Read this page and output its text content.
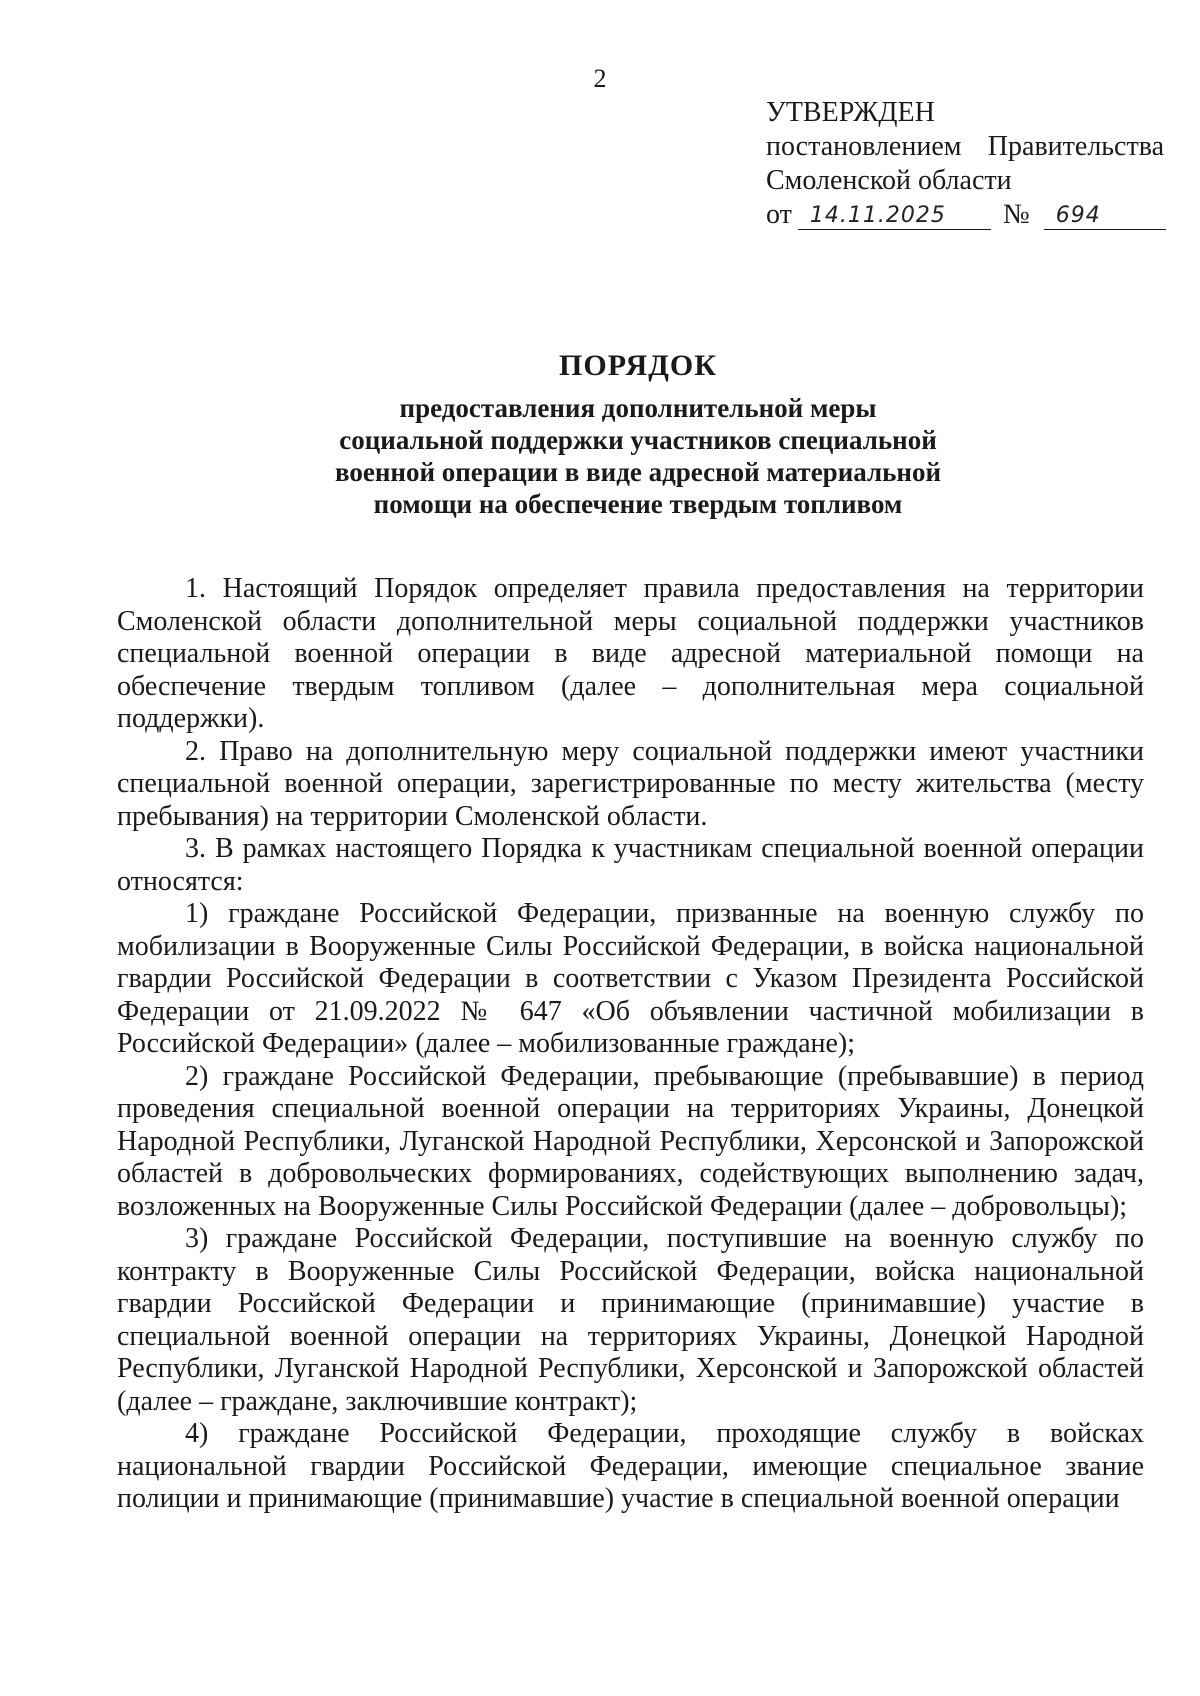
2
УТВЕРЖДЕН
постановлением Правительства
Смоленской области
от 14.11.2025	№	694
ПОРЯДОК
предоставления дополнительной меры
социальной поддержки участников специальной
военной операции в виде адресной материальной
помощи на обеспечение твердым топливом

1. Настоящий Порядок определяет правила предоставления на территории Смоленской области дополнительной меры социальной поддержки участников специальной военной операции в виде адресной материальной помощи на обеспечение твердым топливом (далее – дополнительная мера социальной поддержки).

2. Право на дополнительную меру социальной поддержки имеют участники специальной военной операции, зарегистрированные по месту жительства (месту пребывания) на территории Смоленской области.

3. В рамках настоящего Порядка к участникам специальной военной операции относятся:

1) граждане Российской Федерации, призванные на военную службу по мобилизации в Вооруженные Силы Российской Федерации, в войска национальной гвардии Российской Федерации в соответствии с Указом Президента Российской Федерации от 21.09.2022 № 647 «Об объявлении частичной мобилизации в Российской Федерации» (далее – мобилизованные граждане);

2) граждане Российской Федерации, пребывающие (пребывавшие) в период проведения специальной военной операции на территориях Украины, Донецкой Народной Республики, Луганской Народной Республики, Херсонской и Запорожской областей в добровольческих формированиях, содействующих выполнению задач, возложенных на Вооруженные Силы Российской Федерации (далее – добровольцы);

3) граждане Российской Федерации, поступившие на военную службу по контракту в Вооруженные Силы Российской Федерации, войска национальной гвардии Российской Федерации и принимающие (принимавшие) участие в специальной военной операции на территориях Украины, Донецкой Народной Республики, Луганской Народной Республики, Херсонской и Запорожской областей (далее – граждане, заключившие контракт);

4) граждане Российской Федерации, проходящие службу в войсках национальной гвардии Российской Федерации, имеющие специальное звание полиции и принимающие (принимавшие) участие в специальной военной операции
